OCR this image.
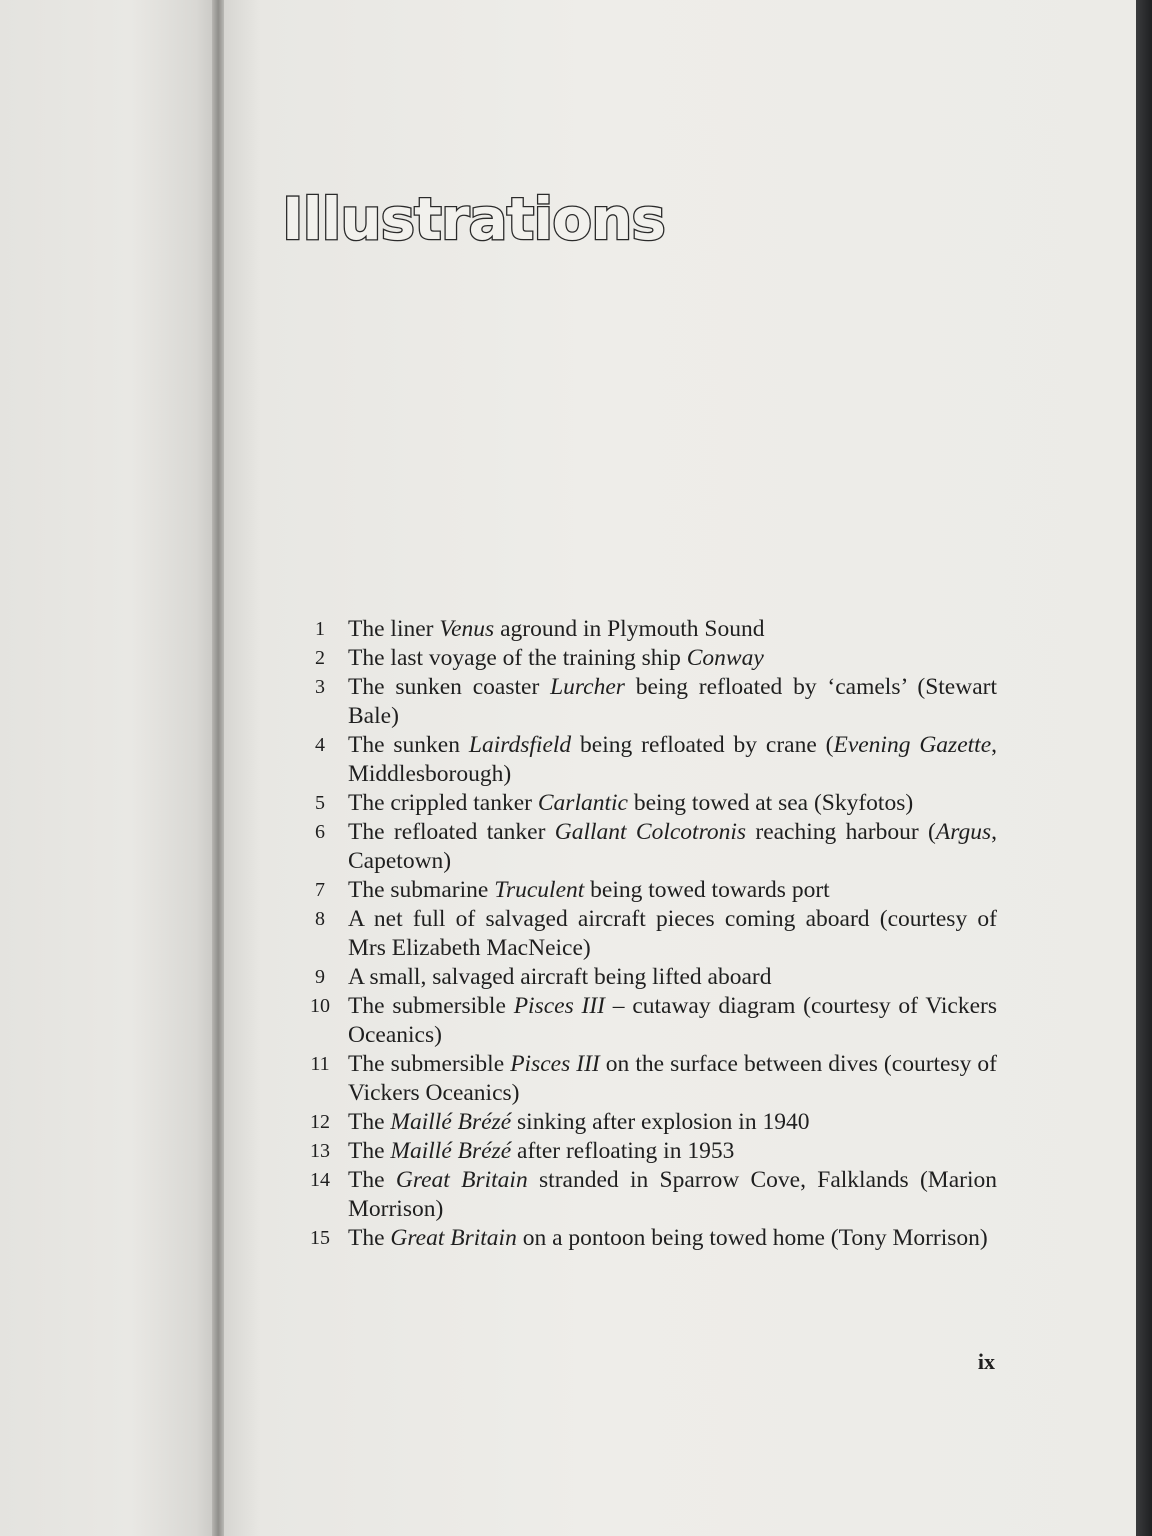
Illustrations
1 The liner Venus aground in Plymouth Sound
2 The last voyage of the training ship Conway
3 The sunken coaster Lurcher being refloated by ‘camels’ (Stewart Bale)
4 The sunken Lairdsfield being refloated by crane (Evening Gazette, Middlesborough)
5 The crippled tanker Carlantic being towed at sea (Skyfotos)
6 The refloated tanker Gallant Colcotronis reaching harbour (Argus, Capetown)
7 The submarine Truculent being towed towards port
8 A net full of salvaged aircraft pieces coming aboard (courtesy of Mrs Elizabeth MacNeice)
9 A small, salvaged aircraft being lifted aboard
10 The submersible Pisces III – cutaway diagram (courtesy of Vickers Oceanics)
11 The submersible Pisces III on the surface between dives (courtesy of Vickers Oceanics)
12 The Maillé Brézé sinking after explosion in 1940
13 The Maillé Brézé after refloating in 1953
14 The Great Britain stranded in Sparrow Cove, Falklands (Marion Morrison)
15 The Great Britain on a pontoon being towed home (Tony Morrison)
ix
